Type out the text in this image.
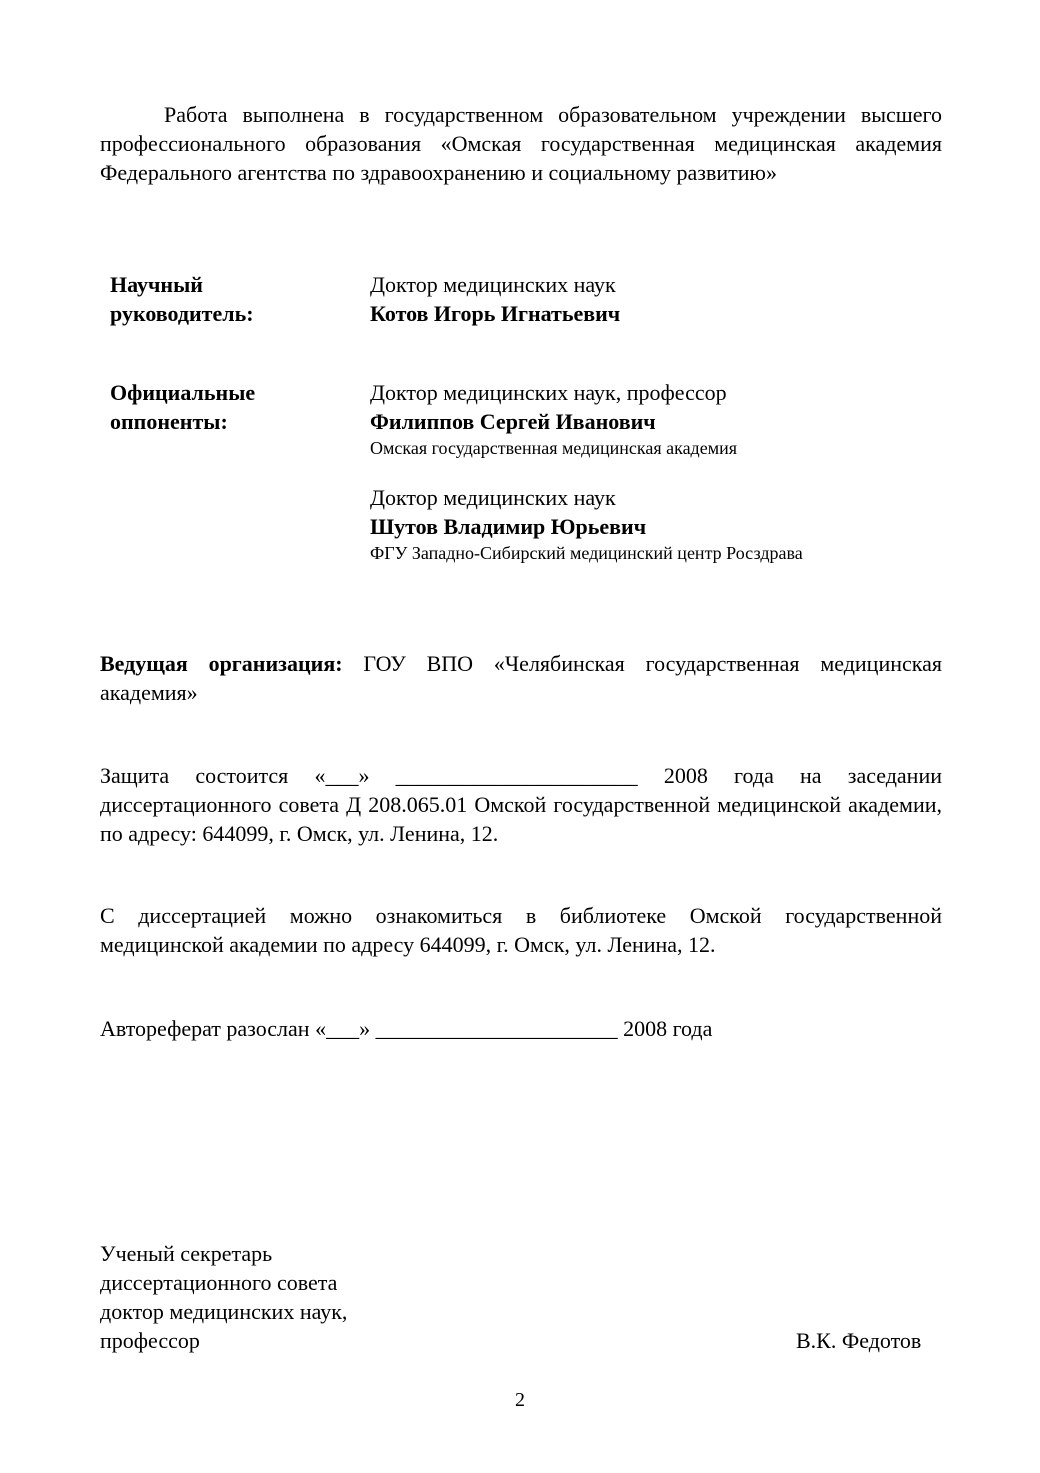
Работа выполнена в государственном образовательном учреждении высшего профессионального образования «Омская государственная медицинская академия Федерального агентства по здравоохранению и социальному развитию»
Научный
руководитель:
Доктор медицинских наук
Котов Игорь Игнатьевич
Официальные
оппоненты:
Доктор медицинских наук, профессор
Филиппов Сергей Иванович
Омская государственная медицинская академия
Доктор медицинских наук
Шутов Владимир Юрьевич
ФГУ Западно-Сибирский медицинский центр Росздрава
Ведущая организация: ГОУ ВПО «Челябинская государственная медицинская академия»
Защита состоится «___» ______________________ 2008 года на заседании диссертационного совета Д 208.065.01 Омской государственной медицинской академии, по адресу: 644099, г. Омск, ул. Ленина, 12.
С диссертацией можно ознакомиться в библиотеке Омской государственной медицинской академии по адресу 644099, г. Омск, ул. Ленина, 12.
Автореферат разослан «___» ______________________ 2008 года
Ученый секретарь
диссертационного совета
доктор медицинских наук,
профессор	В.К. Федотов
2
